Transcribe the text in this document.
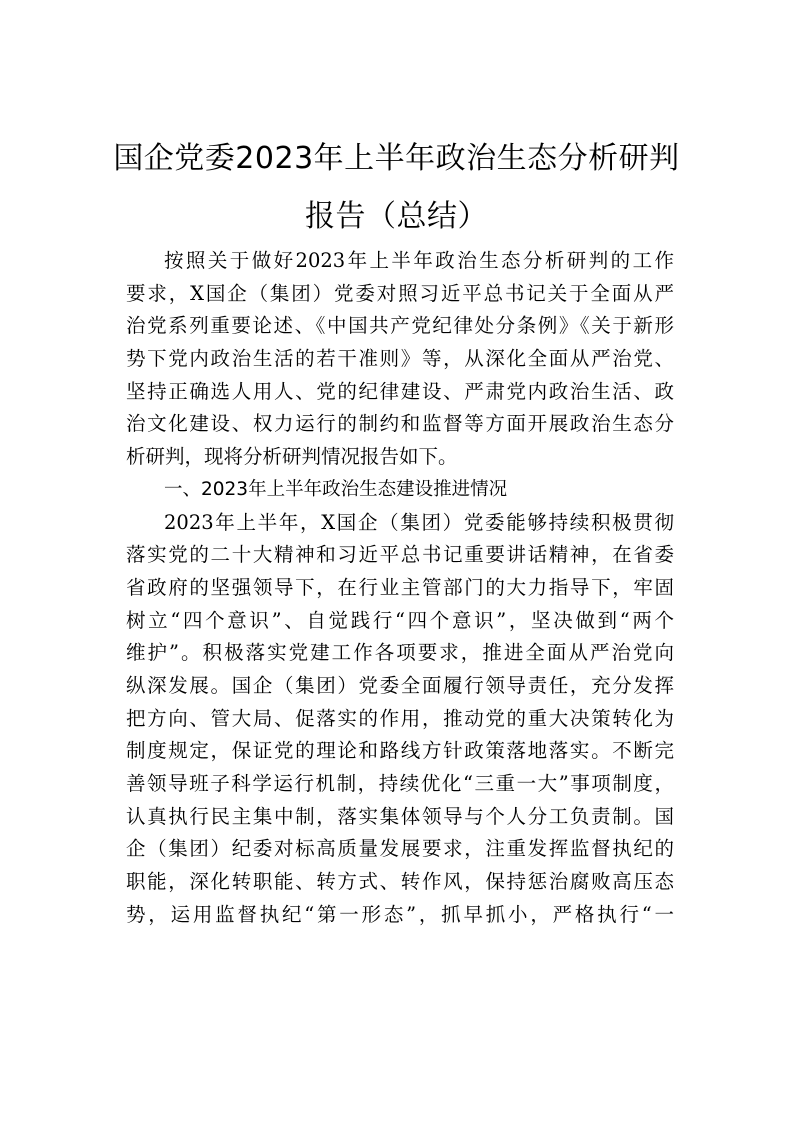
国企党委2023年上半年政治生态分析研判
报告（总结）
按照关于做好2023年上半年政治生态分析研判的工作
要求，X国企（集团）党委对照习近平总书记关于全面从严
治党系列重要论述、《中国共产党纪律处分条例》《关于新形
势下党内政治生活的若干准则》等，从深化全面从严治党、
坚持正确选人用人、党的纪律建设、严肃党内政治生活、政
治文化建设、权力运行的制约和监督等方面开展政治生态分
析研判，现将分析研判情况报告如下。
一、2023年上半年政治生态建设推进情况
2023年上半年，X国企（集团）党委能够持续积极贯彻
落实党的二十大精神和习近平总书记重要讲话精神，在省委
省政府的坚强领导下，在行业主管部门的大力指导下，牢固
树立“四个意识”、自觉践行“四个意识”，坚决做到“两个
维护”。积极落实党建工作各项要求，推进全面从严治党向
纵深发展。国企（集团）党委全面履行领导责任，充分发挥
把方向、管大局、促落实的作用，推动党的重大决策转化为
制度规定，保证党的理论和路线方针政策落地落实。不断完
善领导班子科学运行机制，持续优化“三重一大”事项制度，
认真执行民主集中制，落实集体领导与个人分工负责制。国
企（集团）纪委对标高质量发展要求，注重发挥监督执纪的
职能，深化转职能、转方式、转作风，保持惩治腐败高压态
势，运用监督执纪“第一形态”，抓早抓小，严格执行“一
